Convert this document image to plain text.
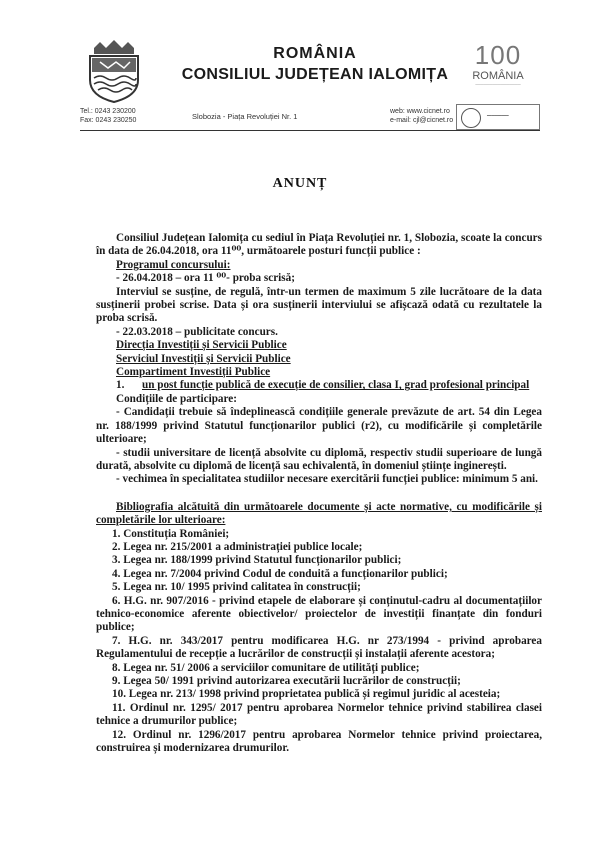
ROMÂNIA
CONSILIUL JUDEȚEAN IALOMIȚA
100
ROMÂNIA
────────────────
Tel.: 0243 230200
Fax: 0243 230250	Slobozia - Piața Revoluției Nr. 1
web: www.cicnet.ro
e-mail: cjl@cicnet.ro
━━━━━━━━━
ANUNȚ

Consiliul Județean Ialomița cu sediul în Piața Revoluției nr. 1, Slobozia, scoate la concurs în data de 26.04.2018, ora 11⁰⁰, următoarele posturi funcții publice :

Programul concursului:

- 26.04.2018 – ora 11 ⁰⁰- proba scrisă;

Interviul se susține, de regulă, într-un termen de maximum 5 zile lucrătoare de la data susținerii probei scrise. Data și ora susținerii interviului se afișcază odată cu rezultatele la proba scrisă.

- 22.03.2018 – publicitate concurs.

Direcția Investiții și Servicii Publice

Serviciul Investiții și Servicii Publice

Compartiment Investiții Publice

1. un post funcție publică de execuție de consilier, clasa I, grad profesional principal

Condițiile de participare:

- Candidații trebuie să îndeplinească condițiile generale prevăzute de art. 54 din Legea nr. 188/1999 privind Statutul funcționarilor publici (r2), cu modificările și completările ulterioare;

- studii universitare de licență absolvite cu diplomă, respectiv studii superioare de lungă durată, absolvite cu diplomă de licență sau echivalentă, în domeniul științe inginerești.

- vechimea în specialitatea studiilor necesare exercitării funcției publice: minimum 5 ani.

Bibliografia alcătuită din următoarele documente și acte normative, cu modificările și completările lor ulterioare:

1. Constituția României;

2. Legea nr. 215/2001 a administrației publice locale;

3. Legea nr. 188/1999 privind Statutul funcționarilor publici;

4. Legea nr. 7/2004 privind Codul de conduită a funcționarilor publici;

5. Legea nr. 10/ 1995 privind calitatea în construcții;

6. H.G. nr. 907/2016 - privind etapele de elaborare și conținutul-cadru al documentațiilor tehnico-economice aferente obiectivelor/ proiectelor de investiții finanțate din fonduri publice;

7. H.G. nr. 343/2017 pentru modificarea H.G. nr 273/1994 - privind aprobarea Regulamentului de recepție a lucrărilor de construcții și instalații aferente acestora;

8. Legea nr. 51/ 2006 a serviciilor comunitare de utilități publice;

9. Legea 50/ 1991 privind autorizarea executării lucrărilor de construcții;

10. Legea nr. 213/ 1998 privind proprietatea publică și regimul juridic al acesteia;

11. Ordinul nr. 1295/ 2017 pentru aprobarea Normelor tehnice privind stabilirea clasei tehnice a drumurilor publice;

12. Ordinul nr. 1296/2017 pentru aprobarea Normelor tehnice privind proiectarea, construirea și modernizarea drumurilor.
